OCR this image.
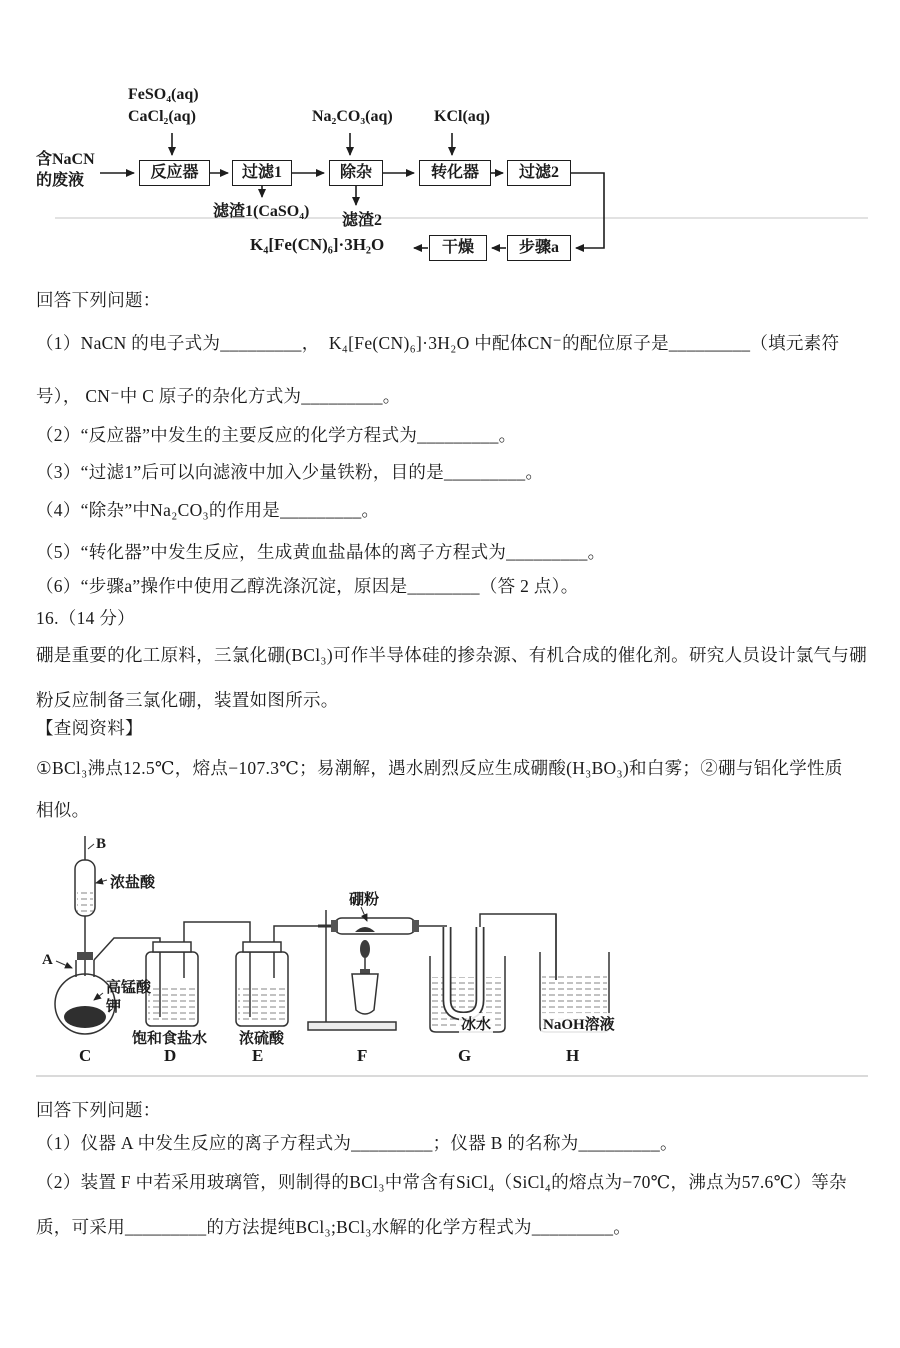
FeSO₄(aq)
CaCl₂(aq)	Na₂CO₃(aq)	KCl(aq)
含NaCN
的废液	反应器	过滤1	除杂	转化器	过滤2
步骤a
干燥
滤渣1(CaSO₄)
滤渣2
K₄[Fe(CN)₆]·3H₂O
回答下列问题：
（1）NaCN 的电子式为_________，  K₄[Fe(CN)₆]·3H₂O 中配体CN⁻的配位原子是_________（填元素符
号）， CN⁻中 C 原子的杂化方式为_________。
（2）“反应器”中发生的主要反应的化学方程式为_________。
（3）“过滤1”后可以向滤液中加入少量铁粉，目的是_________。
（4）“除杂”中Na₂CO₃的作用是_________。
（5）“转化器”中发生反应，生成黄血盐晶体的离子方程式为_________。
（6）“步骤a”操作中使用乙醇洗涤沉淀，原因是________（答 2 点）。
16.（14 分）
硼是重要的化工原料，三氯化硼(BCl₃)可作半导体硅的掺杂源、有机合成的催化剂。研究人员设计氯气与硼
粉反应制备三氯化硼，装置如图所示。
【查阅资料】
①BCl₃沸点12.5℃，熔点−107.3℃；易潮解，遇水剧烈反应生成硼酸(H₃BO₃)和白雾；②硼与铝化学性质
相似。
B
浓盐酸
A
高锰酸钾
饱和食盐水 浓硫酸
硼粉
冰水	NaOH溶液
C	D	E	F	G	H
回答下列问题：
（1）仪器 A 中发生反应的离子方程式为_________；仪器 B 的名称为_________。
（2）装置 F 中若采用玻璃管，则制得的BCl₃中常含有SiCl₄（SiCl₄的熔点为−70℃，沸点为57.6℃）等杂
质，可采用_________的方法提纯BCl₃;BCl₃水解的化学方程式为_________。
